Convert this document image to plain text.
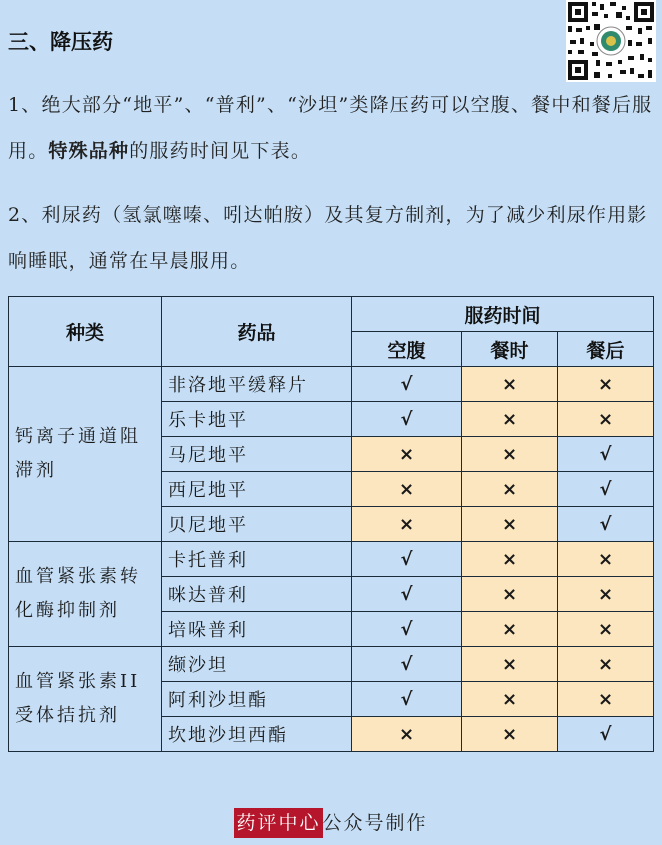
三、降压药
1、绝大部分“地平”、“普利”、“沙坦”类降压药可以空腹、餐中和餐后服用。特殊品种的服药时间见下表。
2、利尿药（氢氯噻嗪、吲达帕胺）及其复方制剂，为了减少利尿作用影响睡眠，通常在早晨服用。
种类	药品	服药时间		
		空腹	餐时	餐后
钙离子通道阻滞剂	非洛地平缓释片	√	×	×
	乐卡地平	√	×	×
	马尼地平	×	×	√
	西尼地平	×	×	√
	贝尼地平	×	×	√
血管紧张素转化酶抑制剂	卡托普利	√	×	×
	咪达普利	√	×	×
	培哚普利	√	×	×
血管紧张素II受体拮抗剂	缬沙坦	√	×	×
	阿利沙坦酯	√	×	×
	坎地沙坦西酯	×	×	√
药评中心 公众号制作
